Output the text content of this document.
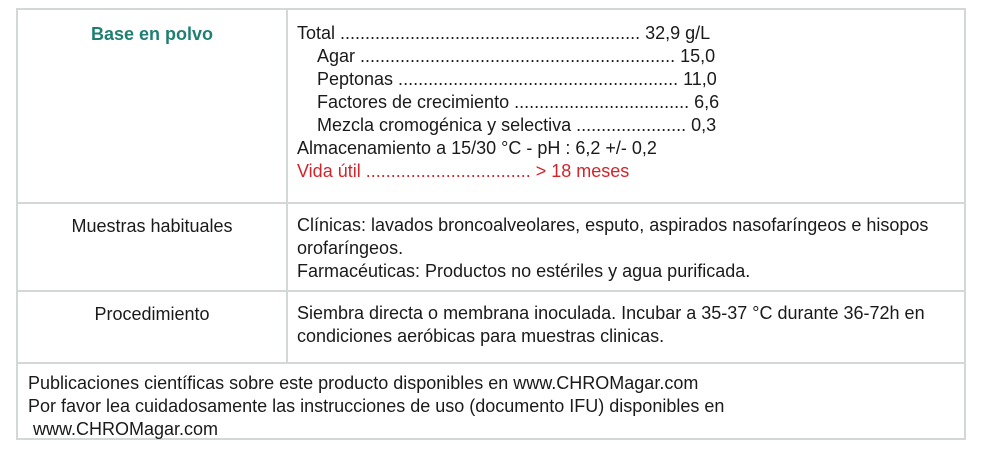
Base en polvo	Total ............................................................ 32,9 g/L
Agar ............................................................... 15,0
Peptonas ........................................................ 11,0
Factores de crecimiento ................................... 6,6
Mezcla cromogénica y selectiva ...................... 0,3
Almacenamiento a 15/30 °C - pH : 6,2 +/- 0,2
Vida útil ................................. > 18 meses
Muestras habituales	Clínicas: lavados broncoalveolares, esputo, aspirados nasofaríngeos e hisopos orofaríngeos.
Farmacéuticas: Productos no estériles y agua purificada.
Procedimiento	Siembra directa o membrana inoculada. Incubar a 35-37 °C durante 36-72h en condiciones aeróbicas para muestras clinicas.
Publicaciones científicas sobre este producto disponibles en www.CHROMagar.com
Por favor lea cuidadosamente las instrucciones de uso (documento IFU) disponibles en
www.CHROMagar.com
